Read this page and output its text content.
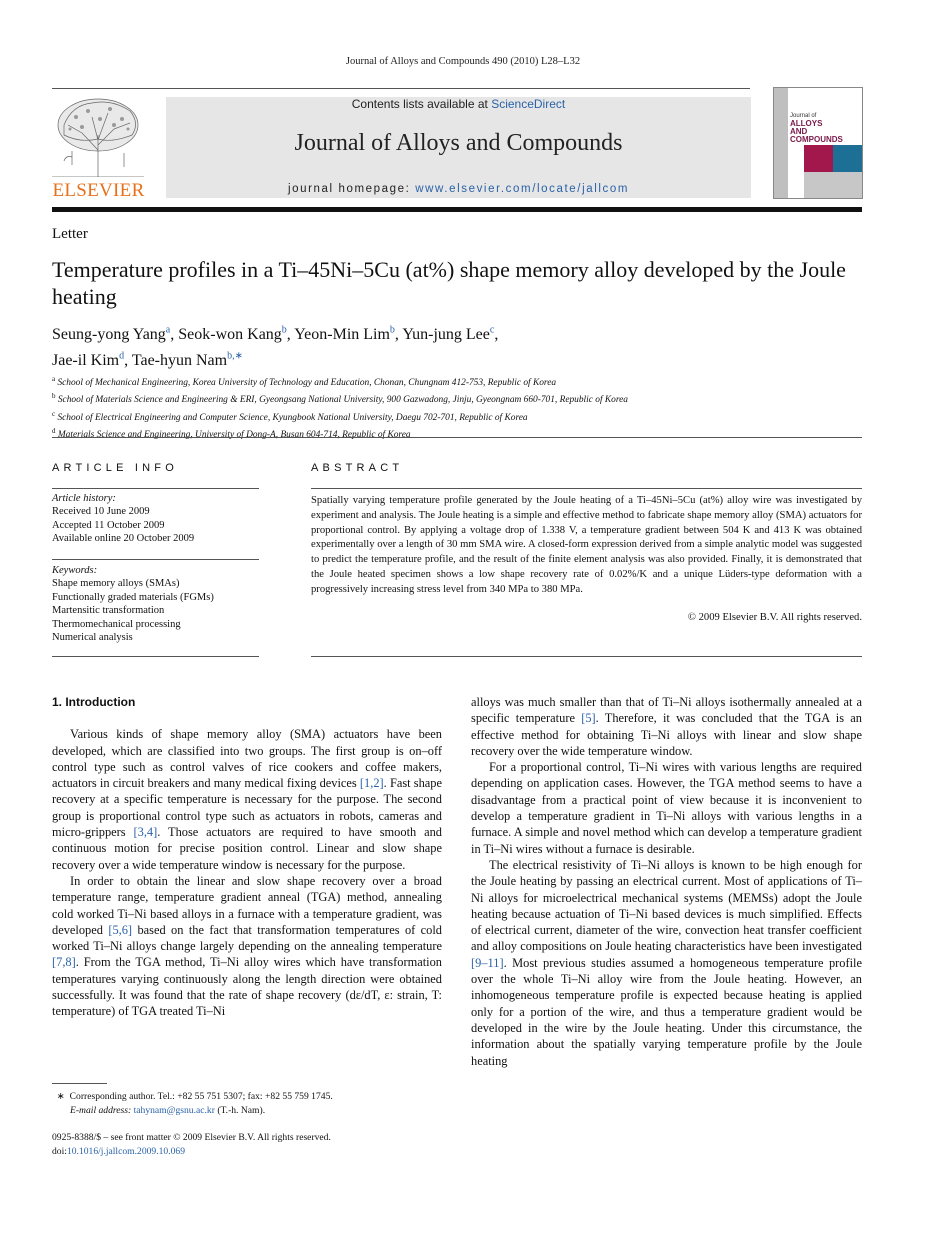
Journal of Alloys and Compounds 490 (2010) L28–L32
ELSEVIER
Contents lists available at ScienceDirect
Journal of Alloys and Compounds
journal homepage: www.elsevier.com/locate/jallcom
Journal of
ALLOYS
AND COMPOUNDS
Letter
Temperature profiles in a Ti–45Ni–5Cu (at%) shape memory alloy developed by the Joule heating
Seung-yong Yang$^a$, Seok-won Kang$^b$, Yeon-Min Lim$^b$, Yun-jung Lee$^c$,
Jae-il Kim$^d$, Tae-hyun Nam$^{b,∗}$
$^a$ School of Mechanical Engineering, Korea University of Technology and Education, Chonan, Chungnam 412-753, Republic of Korea
$^b$ School of Materials Science and Engineering & ERI, Gyeongsang National University, 900 Gazwadong, Jinju, Gyeongnam 660-701, Republic of Korea
$^c$ School of Electrical Engineering and Computer Science, Kyungbook National University, Daegu 702-701, Republic of Korea
$^d$ Materials Science and Engineering, University of Dong-A, Busan 604-714, Republic of Korea
ARTICLE INFO
Article history:
Received 10 June 2009
Accepted 11 October 2009
Available online 20 October 2009
Keywords:
Shape memory alloys (SMAs)
Functionally graded materials (FGMs)
Martensitic transformation
Thermomechanical processing
Numerical analysis
ABSTRACT
Spatially varying temperature profile generated by the Joule heating of a Ti–45Ni–5Cu (at%) alloy wire was investigated by experiment and analysis. The Joule heating is a simple and effective method to fabricate shape memory alloy (SMA) actuators for proportional control. By applying a voltage drop of 1.338 V, a temperature gradient between 504 K and 413 K was obtained experimentally over a length of 30 mm SMA wire. A closed-form expression derived from a simple analytic model was suggested to predict the temperature profile, and the result of the finite element analysis was also provided. Finally, it is demonstrated that the Joule heated specimen shows a low shape recovery rate of 0.02%/K and a unique Lüders-type deformation with a progressively increasing stress level from 340 MPa to 380 MPa.
© 2009 Elsevier B.V. All rights reserved.

1. Introduction

Various kinds of shape memory alloy (SMA) actuators have been developed, which are classified into two groups. The first group is on–off control type such as control valves of rice cookers and coffee makers, actuators in circuit breakers and many medical fixing devices [1,2]. Fast shape recovery at a specific temperature is necessary for the purpose. The second group is proportional control type such as actuators in robots, cameras and micro-grippers [3,4]. Those actuators are required to have smooth and continuous motion for precise position control. Linear and slow shape recovery over a wide temperature window is necessary for the purpose.

In order to obtain the linear and slow shape recovery over a broad temperature range, temperature gradient anneal (TGA) method, annealing cold worked Ti–Ni based alloys in a furnace with a temperature gradient, was developed [5,6] based on the fact that transformation temperatures of cold worked Ti–Ni alloys change largely depending on the annealing temperature [7,8]. From the TGA method, Ti–Ni alloy wires which have transformation temperatures varying continuously along the length direction were obtained successfully. It was found that the rate of shape recovery (dε/dT, ε: strain, T: temperature) of TGA treated Ti–Ni

alloys was much smaller than that of Ti–Ni alloys isothermally annealed at a specific temperature [5]. Therefore, it was concluded that the TGA is an effective method for obtaining Ti–Ni alloys with linear and slow shape recovery over the wide temperature window.

For a proportional control, Ti–Ni wires with various lengths are required depending on application cases. However, the TGA method seems to have a disadvantage from a practical point of view because it is inconvenient to develop a temperature gradient in Ti–Ni alloys with various lengths in a furnace. A simple and novel method which can develop a temperature gradient in Ti–Ni wires without a furnace is desirable.

The electrical resistivity of Ti–Ni alloys is known to be high enough for the Joule heating by passing an electrical current. Most of applications of Ti–Ni alloys for microelectrical mechanical systems (MEMSs) adopt the Joule heating because actuation of Ti–Ni based devices is much simplified. Effects of electrical current, diameter of the wire, convection heat transfer coefficient and alloy compositions on Joule heating characteristics have been investigated [9–11]. Most previous studies assumed a homogeneous temperature profile over the whole Ti–Ni alloy wire from the Joule heating. However, an inhomogeneous temperature profile is expected because heating is applied only for a portion of the wire, and thus a temperature gradient would be developed in the wire by the Joule heating. Under this circumstance, the information about the spatially varying temperature profile by the Joule heating

∗ Corresponding author. Tel.: +82 55 751 5307; fax: +82 55 759 1745.
E-mail address: tahynam@gsnu.ac.kr (T.-h. Nam).
0925-8388/$ – see front matter © 2009 Elsevier B.V. All rights reserved.
doi:10.1016/j.jallcom.2009.10.069
